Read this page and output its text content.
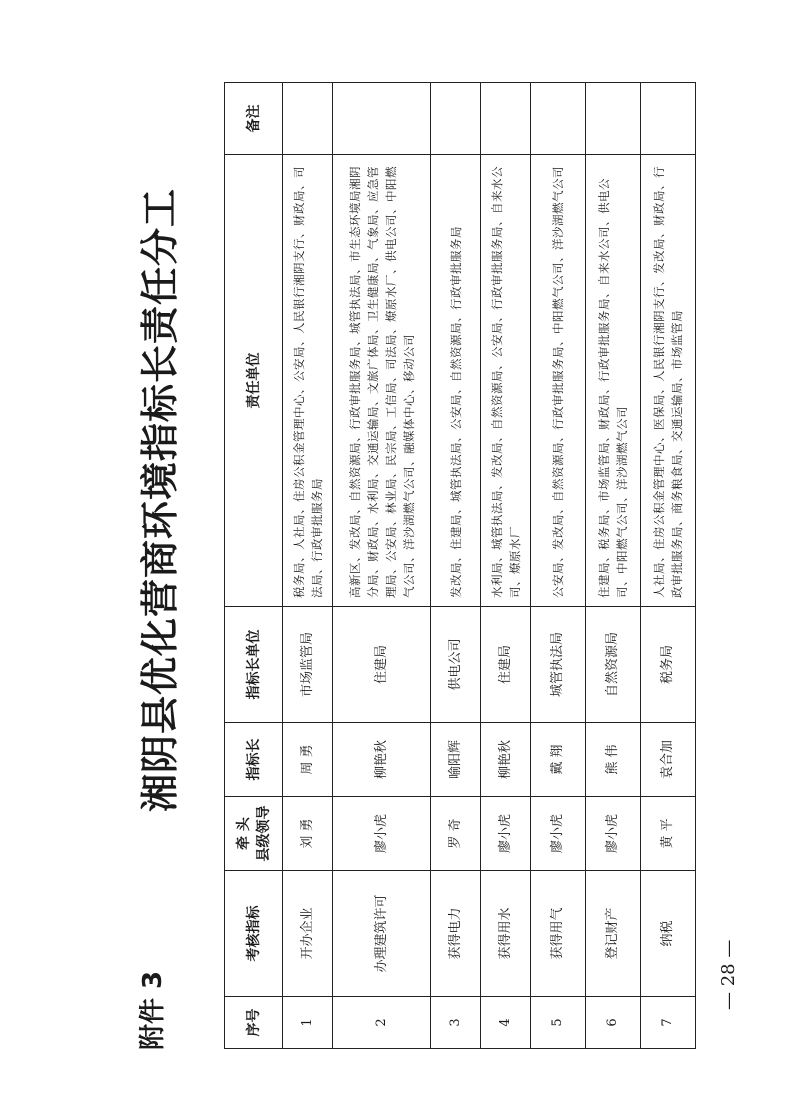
附件 3
湘阴县优化营商环境指标长责任分工
序号	考核指标	牵 头 县级领导	指标长	指标长单位	责任单位	备注
1	开办企业	刘 勇	周 勇	市场监管局	税务局、人社局、住房公积金管理中心、公安局、人民银行湘阴支行、财政局、司法局、行政审批服务局	
2	办理建筑许可	廖小虎	柳艳秋	住建局	高新区、发改局、自然资源局、行政审批服务局、城管执法局、市生态环境局湘阴分局、财政局、水利局、交通运输局、文旅广体局、卫生健康局、气象局、应急管理局、公安局、林业局、民宗局、工信局、司法局、燎原水厂、供电公司、中阳燃气公司、洋沙湖燃气公司、融媒体中心、移动公司	
3	获得电力	罗 奇	喻阳辉	供电公司	发改局、住建局、城管执法局、公安局、自然资源局、行政审批服务局	
4	获得用水	廖小虎	柳艳秋	住建局	水利局、城管执法局、发改局、自然资源局、公安局、行政审批服务局、自来水公司、燎原水厂	
5	获得用气	廖小虎	戴 翔	城管执法局	公安局、发改局、自然资源局、行政审批服务局、中阳燃气公司、洋沙湖燃气公司	
6	登记财产	廖小虎	熊 伟	自然资源局	住建局、税务局、市场监管局、财政局、行政审批服务局、自来水公司、供电公司、中阳燃气公司、洋沙湖燃气公司	
7	纳税	黄 平	袁合加	税务局	人社局、住房公积金管理中心、医保局、人民银行湘阴支行、发改局、财政局、行政审批服务局、商务粮食局、交通运输局、市场监管局	
— 28 —
